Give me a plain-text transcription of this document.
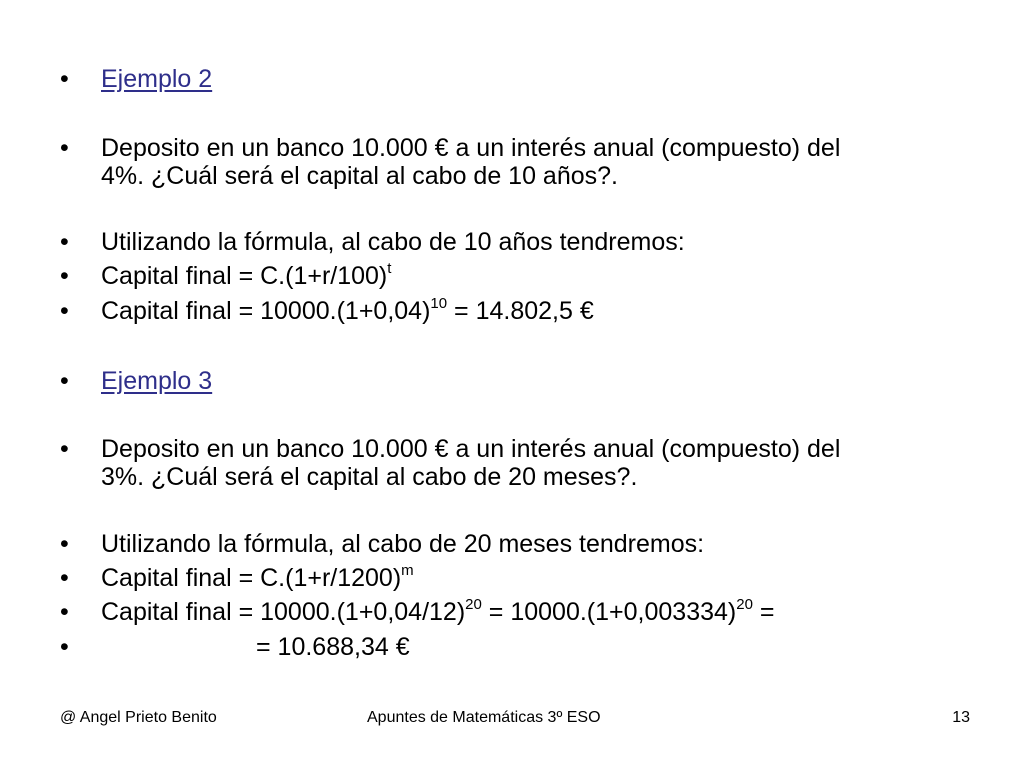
• Ejemplo 2
• Deposito en un banco 10.000 € a un interés anual (compuesto) del
4%. ¿Cuál será el capital al cabo de 10 años?.
• Utilizando la fórmula, al cabo de 10 años tendremos:
• Capital final = $C.(1+r/100)^t$
• Capital final = $10000.(1+0,04)^{10} = 14.802,5$ €
• Ejemplo 3
• Deposito en un banco 10.000 € a un interés anual (compuesto) del
3%. ¿Cuál será el capital al cabo de 20 meses?.
• Utilizando la fórmula, al cabo de 20 meses tendremos:
• Capital final = $C.(1+r/1200)^m$
• Capital final = $10000.(1+0,04/12)^{20} = 10000.(1+0,003334)^{20}$ =
•	= 10.688,34 €
@ Angel Prieto Benito	Apuntes de Matemáticas 3º ESO	13
